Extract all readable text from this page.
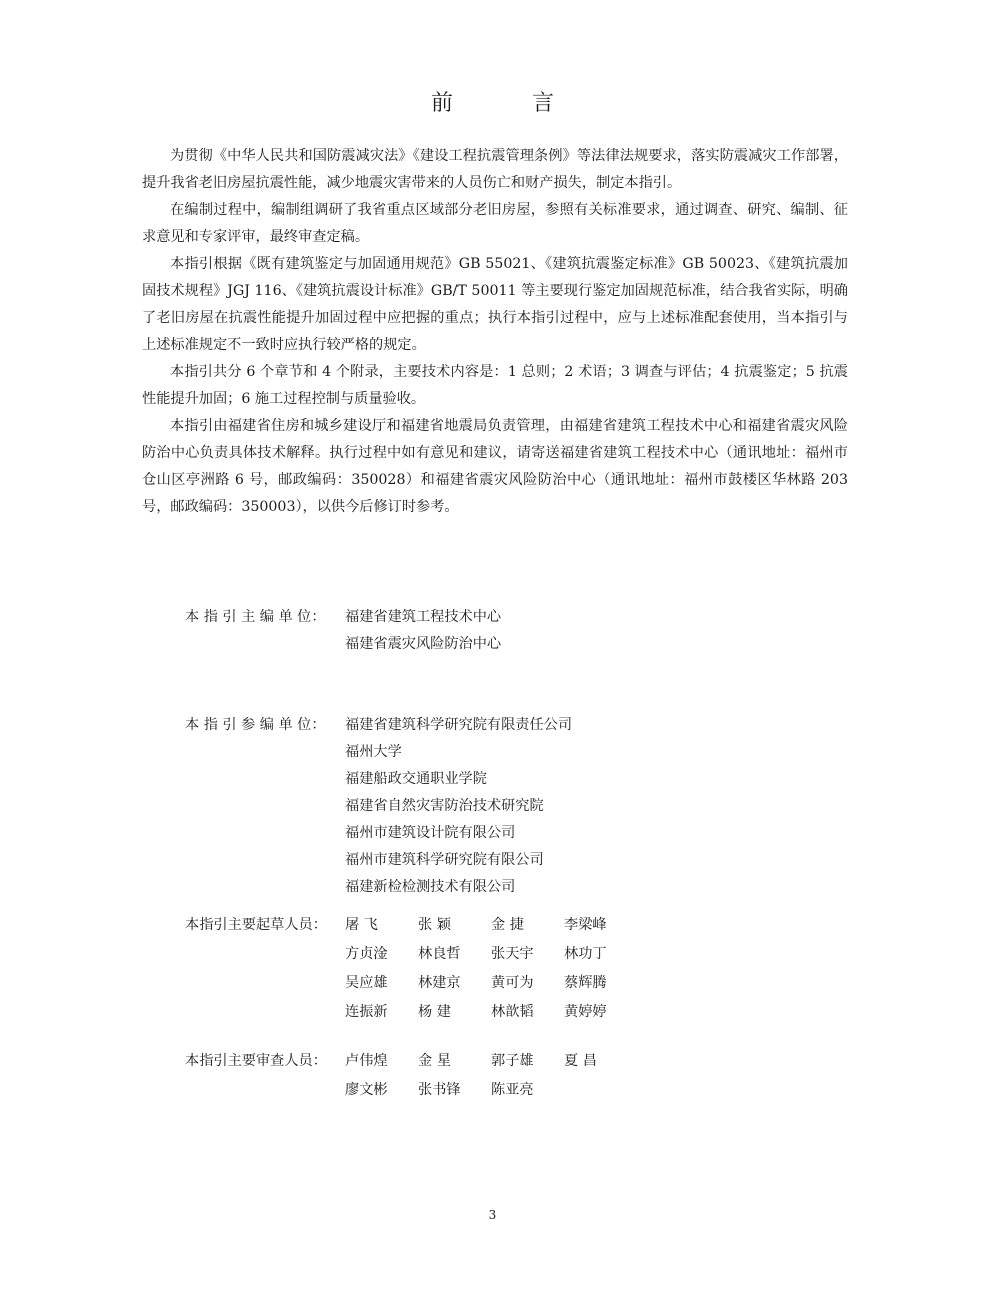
前 言

为贯彻《中华人民共和国防震减灾法》《建设工程抗震管理条例》等法律法规要求，落实防震减灾工作部署，提升我省老旧房屋抗震性能，减少地震灾害带来的人员伤亡和财产损失，制定本指引。

在编制过程中，编制组调研了我省重点区域部分老旧房屋，参照有关标准要求，通过调查、研究、编制、征求意见和专家评审，最终审查定稿。

本指引根据《既有建筑鉴定与加固通用规范》GB 55021、《建筑抗震鉴定标准》GB 50023、《建筑抗震加固技术规程》JGJ 116、《建筑抗震设计标准》GB/T 50011 等主要现行鉴定加固规范标准，结合我省实际，明确了老旧房屋在抗震性能提升加固过程中应把握的重点；执行本指引过程中，应与上述标准配套使用，当本指引与上述标准规定不一致时应执行较严格的规定。

本指引共分 6 个章节和 4 个附录，主要技术内容是：1 总则；2 术语；3 调查与评估；4 抗震鉴定；5 抗震性能提升加固；6 施工过程控制与质量验收。

本指引由福建省住房和城乡建设厅和福建省地震局负责管理，由福建省建筑工程技术中心和福建省震灾风险防治中心负责具体技术解释。执行过程中如有意见和建议，请寄送福建省建筑工程技术中心（通讯地址：福州市仓山区亭洲路 6 号，邮政编码：350028）和福建省震灾风险防治中心（通讯地址：福州市鼓楼区华林路 203 号，邮政编码：350003），以供今后修订时参考。

本 指 引 主 编 单 位：	福建省建筑工程技术中心
福建省震灾风险防治中心
本 指 引 参 编 单 位：	福建省建筑科学研究院有限责任公司
福州大学
福建船政交通职业学院
福建省自然灾害防治技术研究院
福州市建筑设计院有限公司
福州市建筑科学研究院有限公司
福建新检检测技术有限公司
本指引主要起草人员：	屠 飞	张 颖	金 捷	李梁峰
方贞淦	林良哲	张天宇	林功丁
吴应雄	林建京	黄可为	蔡辉腾
连振新	杨 建	林歆韬	黄婷婷
本指引主要审查人员：	卢伟煌	金 星	郭子雄	夏 昌
廖文彬	张书锋	陈亚亮
3
